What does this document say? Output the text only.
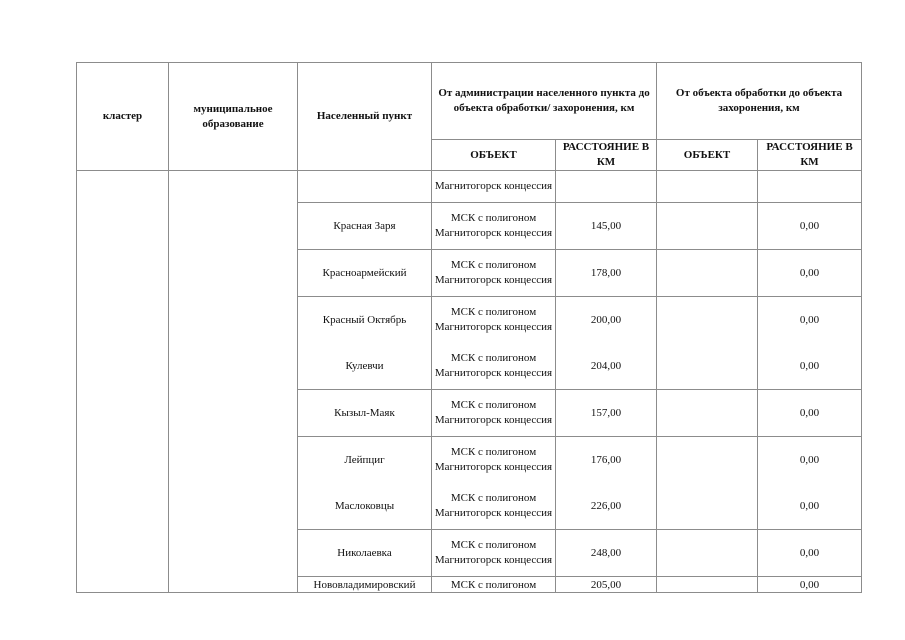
кластер	муниципальное образование	Населенный пункт	От администрации населенного пункта до объекта обработки/ захоронения, км		От объекта обработки до объекта захоронения, км	
			ОБЪЕКТ	РАССТОЯНИЕ В КМ	ОБЪЕКТ	РАССТОЯНИЕ В КМ
			Магнитогорск концессия			
		Красная Заря	МСК с полигоном Магнитогорск концессия	145,00		0,00
		Красноармейский	МСК с полигоном Магнитогорск концессия	178,00		0,00
		Красный Октябрь	МСК с полигоном Магнитогорск концессия	200,00		0,00
		Кулевчи	МСК с полигоном Магнитогорск концессия	204,00		0,00
		Кызыл-Маяк	МСК с полигоном Магнитогорск концессия	157,00		0,00
		Лейпциг	МСК с полигоном Магнитогорск концессия	176,00		0,00
		Маслоковцы	МСК с полигоном Магнитогорск концессия	226,00		0,00
		Николаевка	МСК с полигоном Магнитогорск концессия	248,00		0,00
		Нововладимировский	МСК с полигоном	205,00		0,00
